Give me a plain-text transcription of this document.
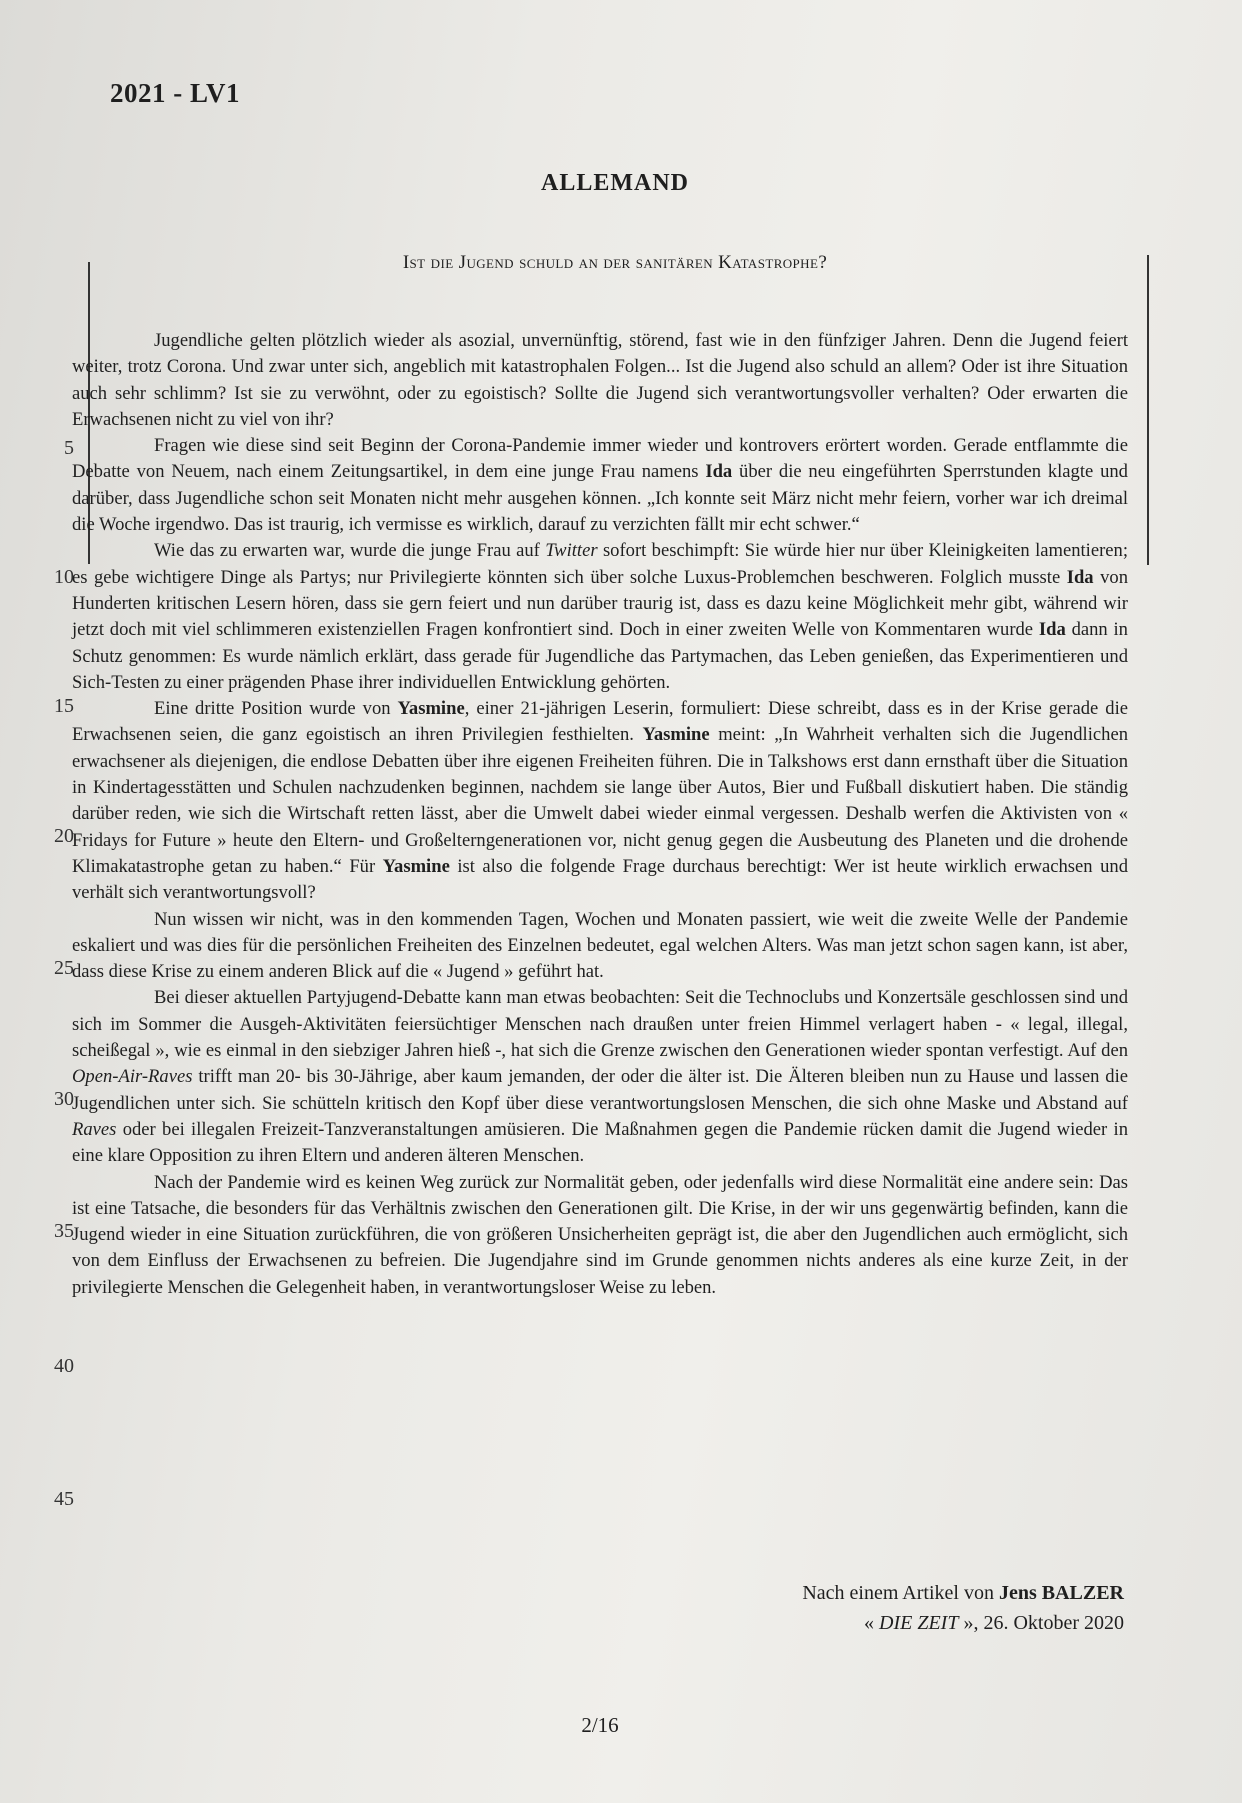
2021 - LV1
ALLEMAND
Ist die Jugend schuld an der sanitären Katastrophe?
5
10
15
20
25
30
35
40
45

Jugendliche gelten plötzlich wieder als asozial, unvernünftig, störend, fast wie in den fünfziger Jahren. Denn die Jugend feiert weiter, trotz Corona. Und zwar unter sich, angeblich mit katastrophalen Folgen... Ist die Jugend also schuld an allem? Oder ist ihre Situation auch sehr schlimm? Ist sie zu verwöhnt, oder zu egoistisch? Sollte die Jugend sich verantwortungsvoller verhalten? Oder erwarten die Erwachsenen nicht zu viel von ihr?

Fragen wie diese sind seit Beginn der Corona-Pandemie immer wieder und kontrovers erörtert worden. Gerade entflammte die Debatte von Neuem, nach einem Zeitungsartikel, in dem eine junge Frau namens Ida über die neu eingeführten Sperrstunden klagte und darüber, dass Jugendliche schon seit Monaten nicht mehr ausgehen können. „Ich konnte seit März nicht mehr feiern, vorher war ich dreimal die Woche irgendwo. Das ist traurig, ich vermisse es wirklich, darauf zu verzichten fällt mir echt schwer.“

Wie das zu erwarten war, wurde die junge Frau auf Twitter sofort beschimpft: Sie würde hier nur über Kleinigkeiten lamentieren; es gebe wichtigere Dinge als Partys; nur Privilegierte könnten sich über solche Luxus-Problemchen beschweren. Folglich musste Ida von Hunderten kritischen Lesern hören, dass sie gern feiert und nun darüber traurig ist, dass es dazu keine Möglichkeit mehr gibt, während wir jetzt doch mit viel schlimmeren existenziellen Fragen konfrontiert sind. Doch in einer zweiten Welle von Kommentaren wurde Ida dann in Schutz genommen: Es wurde nämlich erklärt, dass gerade für Jugendliche das Partymachen, das Leben genießen, das Experimentieren und Sich-Testen zu einer prägenden Phase ihrer individuellen Entwicklung gehörten.

Eine dritte Position wurde von Yasmine, einer 21-jährigen Leserin, formuliert: Diese schreibt, dass es in der Krise gerade die Erwachsenen seien, die ganz egoistisch an ihren Privilegien festhielten. Yasmine meint: „In Wahrheit verhalten sich die Jugendlichen erwachsener als diejenigen, die endlose Debatten über ihre eigenen Freiheiten führen. Die in Talkshows erst dann ernsthaft über die Situation in Kindertagesstätten und Schulen nachzudenken beginnen, nachdem sie lange über Autos, Bier und Fußball diskutiert haben. Die ständig darüber reden, wie sich die Wirtschaft retten lässt, aber die Umwelt dabei wieder einmal vergessen. Deshalb werfen die Aktivisten von « Fridays for Future » heute den Eltern- und Großelterngenerationen vor, nicht genug gegen die Ausbeutung des Planeten und die drohende Klimakatastrophe getan zu haben.“ Für Yasmine ist also die folgende Frage durchaus berechtigt: Wer ist heute wirklich erwachsen und verhält sich verantwortungsvoll?

Nun wissen wir nicht, was in den kommenden Tagen, Wochen und Monaten passiert, wie weit die zweite Welle der Pandemie eskaliert und was dies für die persönlichen Freiheiten des Einzelnen bedeutet, egal welchen Alters. Was man jetzt schon sagen kann, ist aber, dass diese Krise zu einem anderen Blick auf die « Jugend » geführt hat.

Bei dieser aktuellen Partyjugend-Debatte kann man etwas beobachten: Seit die Technoclubs und Konzertsäle geschlossen sind und sich im Sommer die Ausgeh-Aktivitäten feiersüchtiger Menschen nach draußen unter freien Himmel verlagert haben - « legal, illegal, scheißegal », wie es einmal in den siebziger Jahren hieß -, hat sich die Grenze zwischen den Generationen wieder spontan verfestigt. Auf den Open-Air-Raves trifft man 20- bis 30-Jährige, aber kaum jemanden, der oder die älter ist. Die Älteren bleiben nun zu Hause und lassen die Jugendlichen unter sich. Sie schütteln kritisch den Kopf über diese verantwortungslosen Menschen, die sich ohne Maske und Abstand auf Raves oder bei illegalen Freizeit-Tanzveranstaltungen amüsieren. Die Maßnahmen gegen die Pandemie rücken damit die Jugend wieder in eine klare Opposition zu ihren Eltern und anderen älteren Menschen.

Nach der Pandemie wird es keinen Weg zurück zur Normalität geben, oder jedenfalls wird diese Normalität eine andere sein: Das ist eine Tatsache, die besonders für das Verhältnis zwischen den Generationen gilt. Die Krise, in der wir uns gegenwärtig befinden, kann die Jugend wieder in eine Situation zurückführen, die von größeren Unsicherheiten geprägt ist, die aber den Jugendlichen auch ermöglicht, sich von dem Einfluss der Erwachsenen zu befreien. Die Jugendjahre sind im Grunde genommen nichts anderes als eine kurze Zeit, in der privilegierte Menschen die Gelegenheit haben, in verantwortungsloser Weise zu leben.

Nach einem Artikel von Jens BALZER
« DIE ZEIT », 26. Oktober 2020
2/16
